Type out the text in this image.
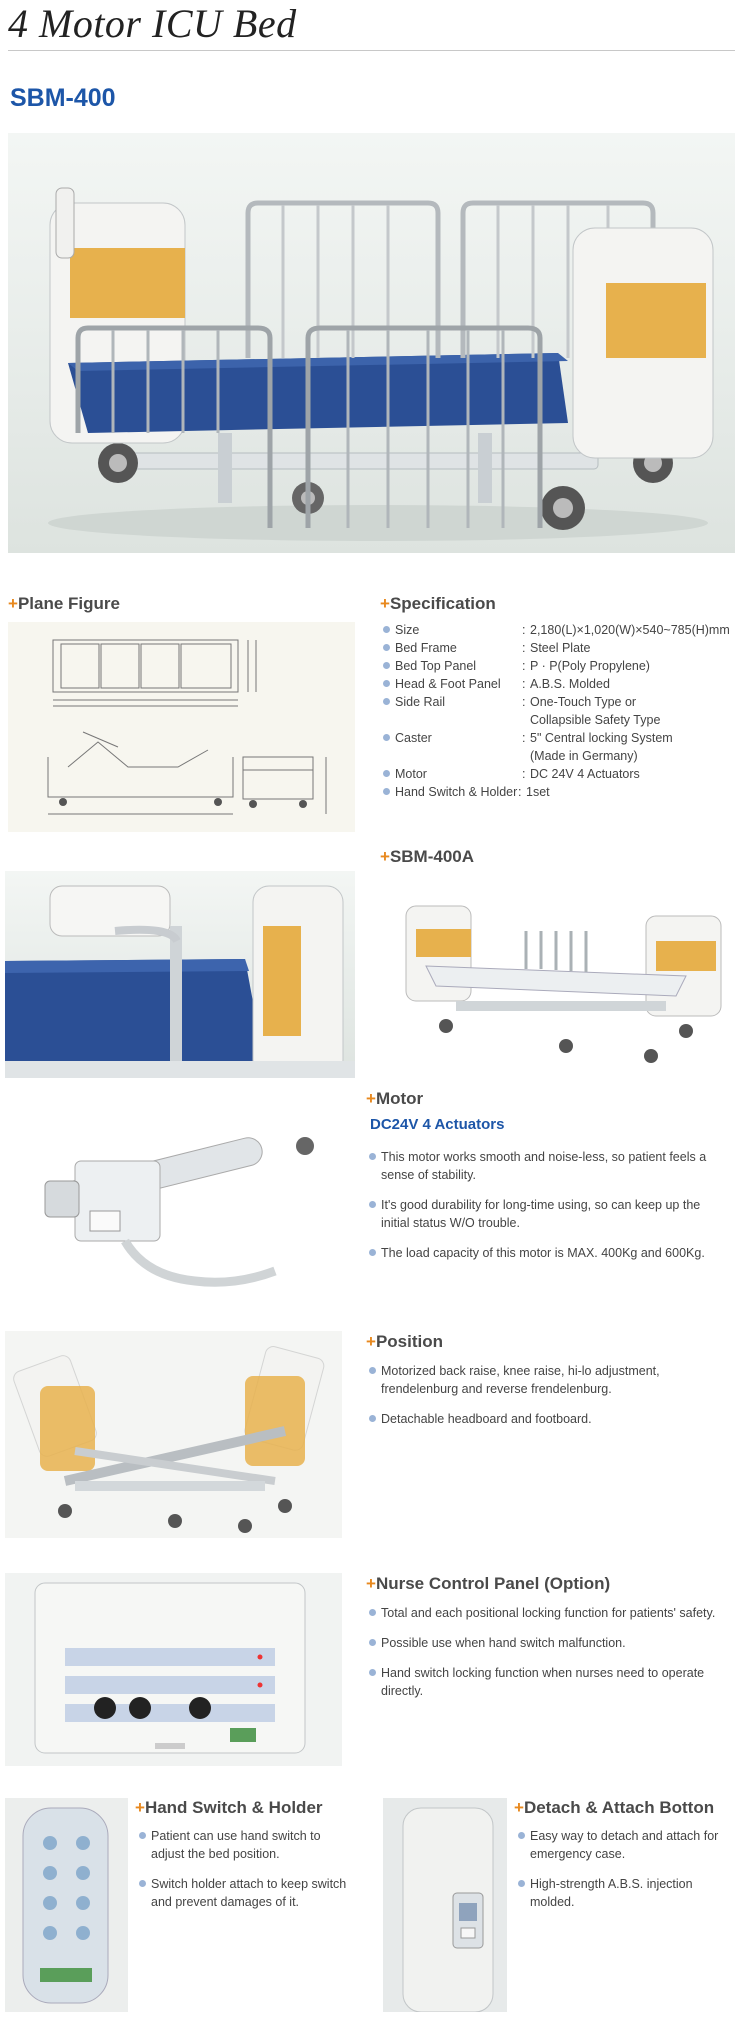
4 Motor ICU Bed
SBM-400
+Plane Figure	+Specification
Size	: 2,180(L)×1,020(W)×540~785(H)mm
Bed Frame	: Steel Plate
Bed Top Panel	: P · P(Poly Propylene)
Head & Foot Panel	: A.B.S. Molded
Side Rail	: One-Touch Type or Collapsible Safety Type
Caster	: 5" Central locking System (Made in Germany)
Motor	: DC 24V 4 Actuators
Hand Switch & Holder : 1set
+SBM-400A
+Motor
DC24V 4 Actuators
This motor works smooth and noise-less, so patient feels a sense of stability.
It's good durability for long-time using, so can keep up the initial status W/O trouble.
The load capacity of this motor is MAX. 400Kg and 600Kg.
+Position
Motorized back raise, knee raise, hi-lo adjustment, frendelenburg and reverse frendelenburg.
Detachable headboard and footboard.
+Nurse Control Panel (Option)
Total and each positional locking function for patients' safety.
Possible use when hand switch malfunction.
Hand switch locking function when nurses need to operate directly.
+Hand Switch & Holder
Patient can use hand switch to adjust the bed position.
Switch holder attach to keep switch and prevent damages of it.
+Detach & Attach Botton
Easy way to detach and attach for emergency case.
High-strength A.B.S. injection molded.
